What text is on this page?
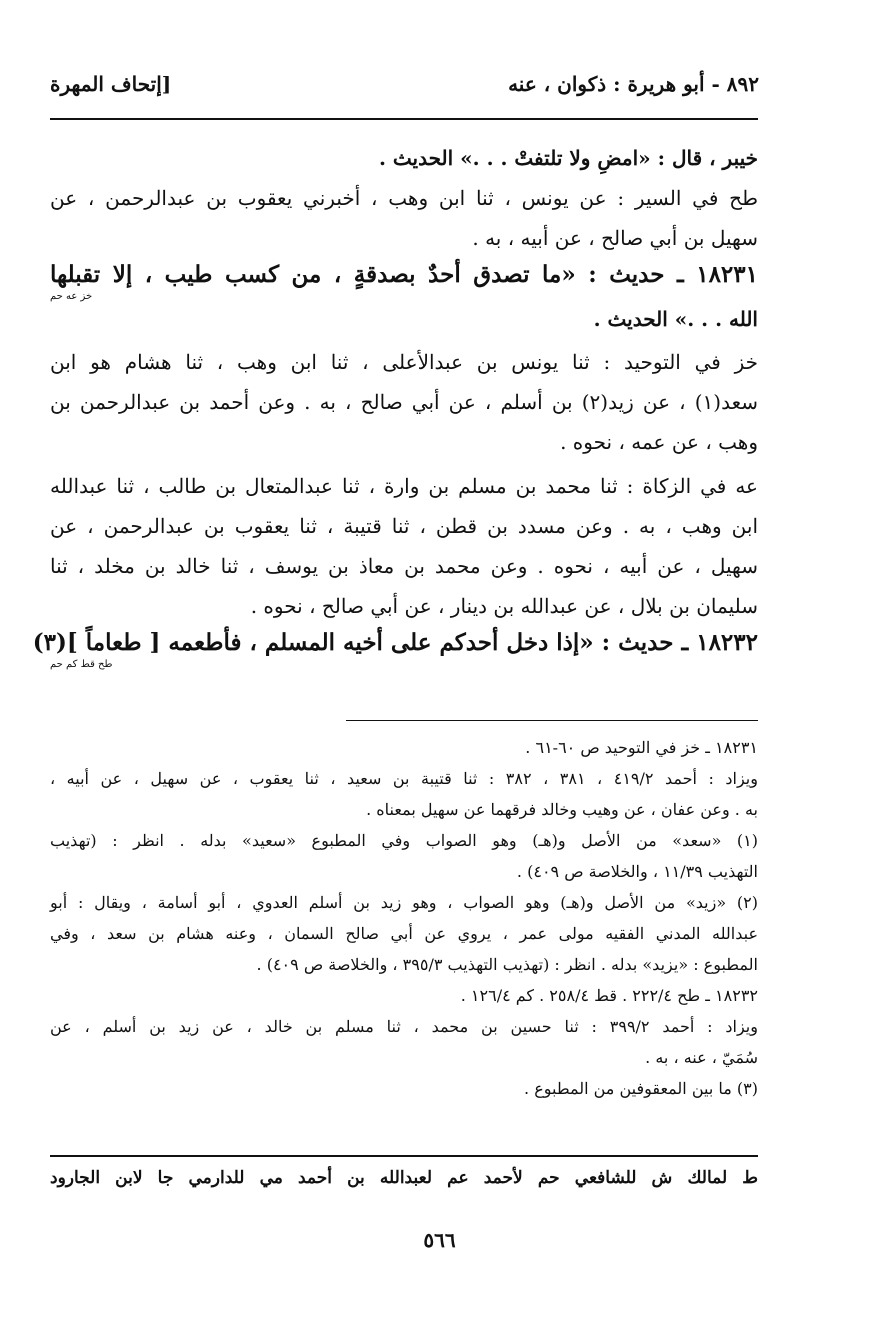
٨٩٢ - أبو هريرة : ذكوان ، عنه
[إتحاف المهرة
خيبر ، قال : «امضِ ولا تلتفتْ . . .» الحديث .
طح في السير : عن يونس ، ثنا ابن وهب ، أخبرني يعقوب بن عبدالرحمن ، عن
سهيل بن أبي صالح ، عن أبيه ، به .
١٨٢٣١ ـ حديث : «ما تصدق أحدٌ بصدقةٍ ، من كسب طيب ، إلا تقبلها
خز عه حم
الله . . .» الحديث .
خز في التوحيد : ثنا يونس بن عبدالأعلى ، ثنا ابن وهب ، ثنا هشام هو ابن
سعد(١) ، عن زيد(٢) بن أسلم ، عن أبي صالح ، به . وعن أحمد بن عبدالرحمن بن
وهب ، عن عمه ، نحوه .
عه في الزكاة : ثنا محمد بن مسلم بن وارة ، ثنا عبدالمتعال بن طالب ، ثنا عبدالله
ابن وهب ، به . وعن مسدد بن قطن ، ثنا قتيبة ، ثنا يعقوب بن عبدالرحمن ، عن
سهيل ، عن أبيه ، نحوه . وعن محمد بن معاذ بن يوسف ، ثنا خالد بن مخلد ، ثنا
سليمان بن بلال ، عن عبدالله بن دينار ، عن أبي صالح ، نحوه .
١٨٢٣٢ ـ حديث : «إذا دخل أحدكم على أخيه المسلم ، فأطعمه [ طعاماً ](٣)
طح قط كم حم
١٨٢٣١ ـ خز في التوحيد ص ٦٠-٦١ .
ويزاد : أحمد ٤١٩/٢ ، ٣٨١ ، ٣٨٢ : ثنا قتيبة بن سعيد ، ثنا يعقوب ، عن سهيل ، عن أبيه ،
به . وعن عفان ، عن وهيب وخالد فرقهما عن سهيل بمعناه .
(١) «سعد» من الأصل و(هـ) وهو الصواب وفي المطبوع «سعيد» بدله . انظر : (تهذيب
التهذيب ١١/٣٩ ، والخلاصة ص ٤٠٩) .
(٢) «زيد» من الأصل و(هـ) وهو الصواب ، وهو زيد بن أسلم العدوي ، أبو أسامة ، ويقال : أبو
عبدالله المدني الفقيه مولى عمر ، يروي عن أبي صالح السمان ، وعنه هشام بن سعد ، وفي
المطبوع : «يزيد» بدله . انظر : (تهذيب التهذيب ٣٩٥/٣ ، والخلاصة ص ٤٠٩) .
١٨٢٣٢ ـ طح ٢٢٢/٤ . قط ٢٥٨/٤ . كم ١٢٦/٤ .
ويزاد : أحمد ٣٩٩/٢ : ثنا حسين بن محمد ، ثنا مسلم بن خالد ، عن زيد بن أسلم ، عن
سُمَيّ ، عنه ، به .
(٣) ما بين المعقوفين من المطبوع .
ط لمالك ش للشافعي حم لأحمد عم لعبدالله بن أحمد مي للدارمي جا لابن الجارود
٥٦٦
